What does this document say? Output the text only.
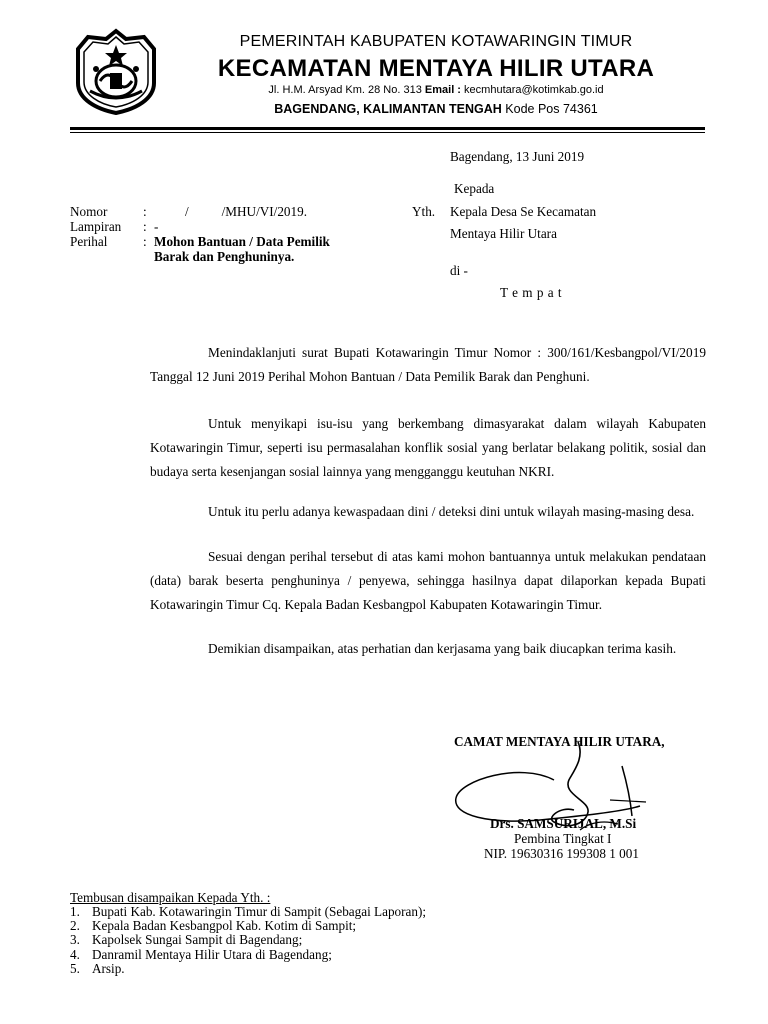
PEMERINTAH KABUPATEN KOTAWARINGIN TIMUR
KECAMATAN MENTAYA HILIR UTARA
Jl. H.M. Arsyad Km. 28 No. 313 Email : kecmhutara@kotimkab.go.id
BAGENDANG, KALIMANTAN TENGAH Kode Pos 74361
Bagendang, 13 Juni 2019
Kepada
Yth. Kepala Desa Se Kecamatan
Mentaya Hilir Utara
di -
T e m p a t
Nomor	:	/          /MHU/VI/2019.
Lampiran : -
Perihal	: Mohon Bantuan / Data Pemilik
Barak dan Penghuninya.
Menindaklanjuti surat Bupati Kotawaringin Timur Nomor : 300/161/Kesbangpol/VI/2019 Tanggal 12 Juni 2019 Perihal Mohon Bantuan / Data Pemilik Barak dan Penghuni.
Untuk menyikapi isu-isu yang berkembang dimasyarakat dalam wilayah Kabupaten Kotawaringin Timur, seperti isu permasalahan konflik sosial yang berlatar belakang politik, sosial dan budaya serta kesenjangan sosial lainnya yang mengganggu keutuhan NKRI.
Untuk itu perlu adanya kewaspadaan dini / deteksi dini untuk wilayah masing-masing desa.
Sesuai dengan perihal tersebut di atas kami mohon bantuannya untuk melakukan pendataan (data) barak beserta penghuninya / penyewa, sehingga hasilnya dapat dilaporkan kepada Bupati Kotawaringin Timur Cq. Kepala Badan Kesbangpol Kabupaten Kotawaringin Timur.
Demikian disampaikan, atas perhatian dan kerjasama yang baik diucapkan terima kasih.
CAMAT MENTAYA HILIR UTARA,
Drs. SAMSURIJAL, M.Si
Pembina Tingkat I
NIP. 19630316 199308 1 001
Tembusan disampaikan Kepada Yth. :
1. Bupati Kab. Kotawaringin Timur di Sampit (Sebagai Laporan);
2. Kepala Badan Kesbangpol Kab. Kotim di Sampit;
3. Kapolsek Sungai Sampit di Bagendang;
4. Danramil Mentaya Hilir Utara di Bagendang;
5. Arsip.
